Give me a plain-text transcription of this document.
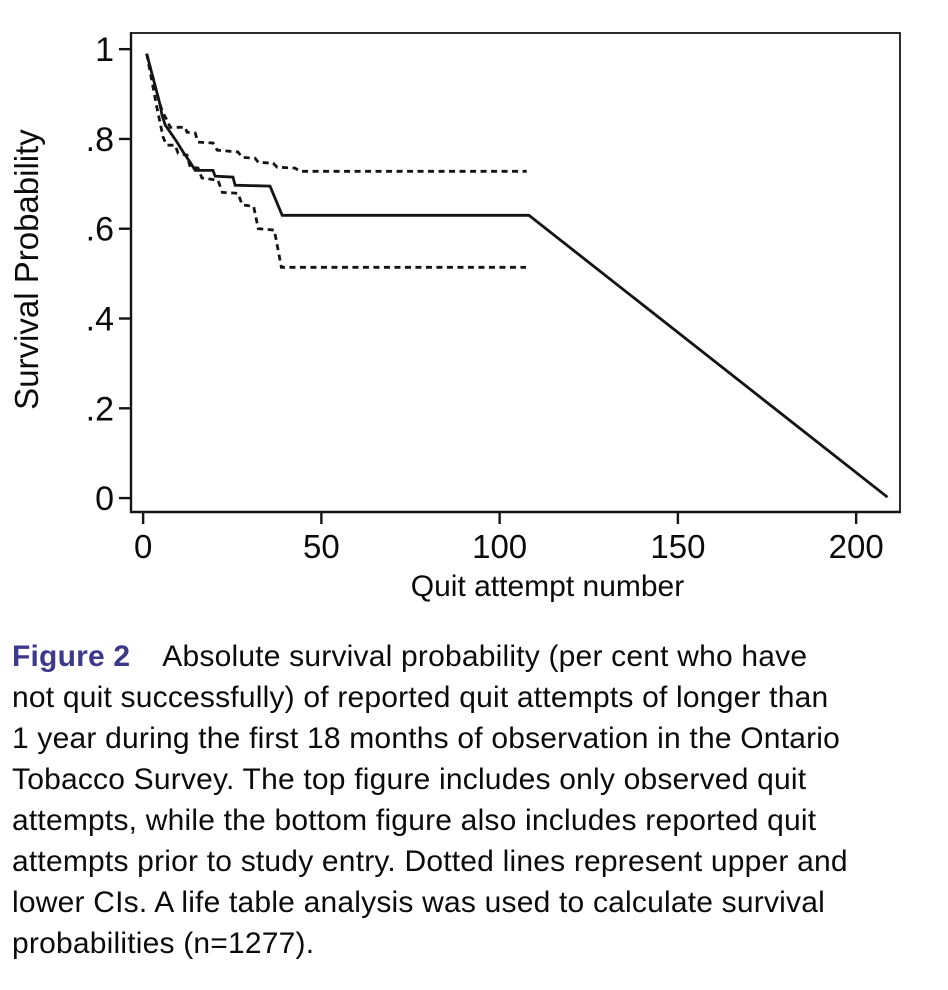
0
.2
.4
.6
.8
1
0	50	100	150	200
Quit attempt number
Survival Probability
Figure 2 Absolute survival probability (per cent who have
not quit successfully) of reported quit attempts of longer than
1 year during the first 18 months of observation in the Ontario
Tobacco Survey. The top figure includes only observed quit
attempts, while the bottom figure also includes reported quit
attempts prior to study entry. Dotted lines represent upper and
lower CIs. A life table analysis was used to calculate survival
probabilities (n=1277).
